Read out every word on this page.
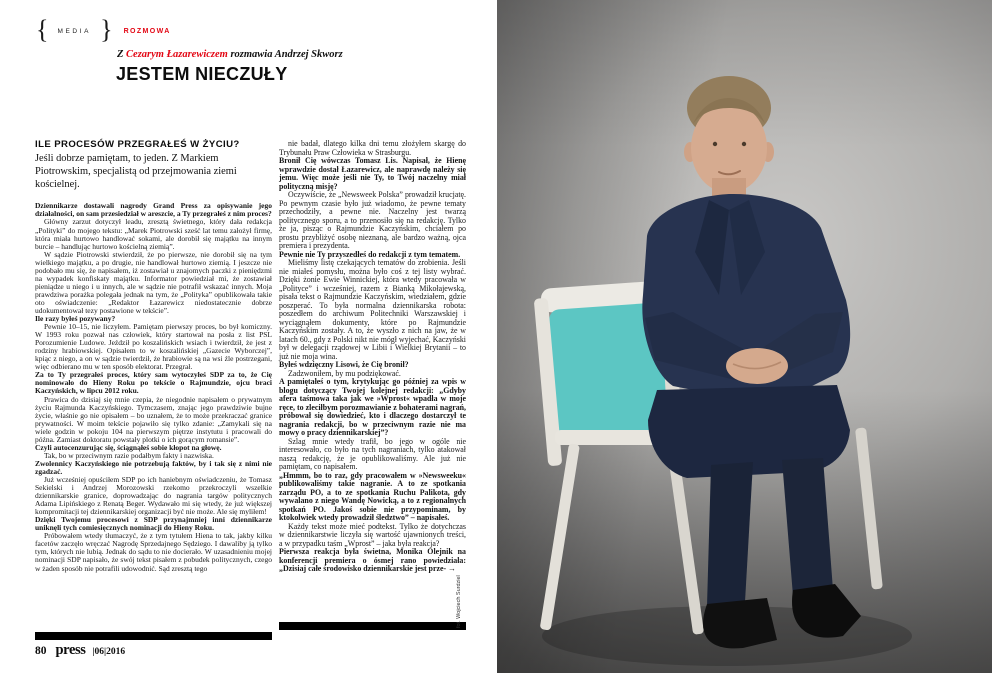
{ MEDIA } ROZMOWA
Z Cezarym Łazarewiczem rozmawia Andrzej Skworz
JESTEM NIECZUŁY
ILE PROCESÓW PRZEGRAŁEŚ W ŻYCIU?

Jeśli dobrze pamiętam, to jeden. Z Markiem Piotrowskim, specjalistą od przejmowania ziemi kościelnej.

Dziennikarze dostawali nagrody Grand Press za opisywanie jego działalności, on sam przesiedział w areszcie, a Ty przegrałeś z nim proces?

Główny zarzut dotyczył leadu, zresztą świetnego, który dała redakcja „Polityki” do mojego tekstu: „Marek Piotrowski sześć lat temu założył firmę, która miała hurtowo handlować sokami, ale dorobił się majątku na innym burcie – handlując hurtowo kościelną ziemią”.

W sądzie Piotrowski stwierdził, że po pierwsze, nie dorobił się na tym wielkiego majątku, a po drugie, nie handlował hurtowo ziemią. I jeszcze nie podobało mu się, że napisałem, iż zostawiał u znajomych paczki z pieniędzmi na wypadek konfiskaty majątku. Informator powiedział mi, że zostawiał pieniądze u niego i u innych, ale w sądzie nie potrafił wskazać innych. Moja prawdziwa porażka polegała jednak na tym, że „Polityka” opublikowała takie oto oświadczenie: „Redaktor Łazarewicz niedostatecznie dobrze udokumentował tezy postawione w tekście”.

Ile razy byłeś pozywany?

Pewnie 10–15, nie liczyłem. Pamiętam pierwszy proces, bo był komiczny. W 1993 roku pozwał nas człowiek, który startował na posła z list PSL Porozumienie Ludowe. Jeździł po koszalińskich wsiach i twierdził, że jest z rodziny hrabiowskiej. Opisałem to w koszalińskiej „Gazecie Wyborczej”, kpiąc z niego, a on w sądzie twierdził, że hrabiowie są na wsi źle postrzegani, więc odbierano mu w ten sposób elektorat. Przegrał.

Za to Ty przegrałeś proces, który sam wytoczyłeś SDP za to, że Cię nominowało do Hieny Roku po tekście o Rajmundzie, ojcu braci Kaczyńskich, w lipcu 2012 roku.

Prawica do dzisiaj się mnie czepia, że niegodnie napisałem o prywatnym życiu Rajmunda Kaczyńskiego. Tymczasem, znając jego prawdziwie bujne życie, właśnie go nie opisałem – bo uznałem, że to może przekraczać granice prywatności. W moim tekście pojawiło się tylko zdanie: „Zamykali się na wiele godzin w pokoju 104 na pierwszym piętrze instytutu i pracowali do późna. Zamiast doktoratu powstały plotki o ich gorącym romansie”.

Czyli autocenzurując się, ściągnąłeś sobie kłopot na głowę.

Tak, bo w przeciwnym razie podałbym fakty i nazwiska.

Zwolennicy Kaczyńskiego nie potrzebują faktów, by i tak się z nimi nie zgadzać.

Już wcześniej opuściłem SDP po ich haniebnym oświadczeniu, że Tomasz Sekielski i Andrzej Morozowski rzekomo przekroczyli wszelkie dziennikarskie granice, doprowadzając do nagrania targów politycznych Adama Lipińskiego z Renatą Beger. Wydawało mi się wtedy, że już większej kompromitacji tej dziennikarskiej organizacji być nie może. Ale się myliłem!

Dzięki Twojemu procesowi z SDP przynajmniej inni dziennikarze uniknęli tych comiesięcznych nominacji do Hieny Roku.

Próbowałem wtedy tłumaczyć, że z tym tytułem Hiena to tak, jakby kilku facetów zaczęło wręczać Nagrodę Sprzedajnego Sędziego. I dawaliby ją tylko tym, których nie lubią. Jednak do sądu to nie docierało. W uzasadnieniu mojej nominacji SDP napisało, że swój tekst pisałem z pobudek politycznych, czego w żaden sposób nie potrafili udowodnić. Sąd zresztą tego

nie badał, dlatego kilka dni temu złożyłem skargę do Trybunału Praw Człowieka w Strasburgu.

Bronił Cię wówczas Tomasz Lis. Napisał, że Hienę wprawdzie dostał Łazarewicz, ale naprawdę należy się jemu. Więc może jeśli nie Ty, to Twój naczelny miał polityczną misję?

Oczywiście, że „Newsweek Polska” prowadził krucjatę. Po pewnym czasie było już wiadomo, że pewne tematy przechodziły, a pewne nie. Naczelny jest twarzą politycznego sporu, a to przenosiło się na redakcję. Tylko że ja, pisząc o Rajmundzie Kaczyńskim, chciałem po prostu przybliżyć osobę nieznaną, ale bardzo ważną, ojca premiera i prezydenta.

Pewnie nie Ty przyszedłeś do redakcji z tym tematem.

Mieliśmy listę czekających tematów do zrobienia. Jeśli nie miałeś pomysłu, można było coś z tej listy wybrać. Dzięki żonie Ewie Winnickiej, która wtedy pracowała w „Polityce” i wcześniej, razem z Bianką Mikołajewską, pisała tekst o Rajmundzie Kaczyńskim, wiedziałem, gdzie poszperać. To była normalna dziennikarska robota: poszedłem do archiwum Politechniki Warszawskiej i wyciągnąłem dokumenty, które po Rajmundzie Kaczyńskim zostały. A to, że wyszło z nich na jaw, że w latach 60., gdy z Polski nikt nie mógł wyjechać, Kaczyński był w delegacji rządowej w Libii i Wielkiej Brytanii – to już nie moja wina.

Byłeś wdzięczny Lisowi, że Cię bronił?

Zadzwoniłem, by mu podziękować.

A pamiętałeś o tym, krytykując go później za wpis w blogu dotyczący Twojej kolejnej redakcji: „Gdyby afera taśmowa taka jak we »Wprost« wpadła w moje ręce, to zleciłbym porozmawianie z bohaterami nagrań, próbował się dowiedzieć, kto i dlaczego dostarczył te nagrania redakcji, bo w przeciwnym razie nie ma mowy o pracy dziennikarskiej”?

Szlag mnie wtedy trafił, bo jego w ogóle nie interesowało, co było na tych nagraniach, tylko atakował naszą redakcję, że je opublikowaliśmy. Ale już nie pamiętam, co napisałem.

„Hmmm, bo to raz, gdy pracowałem w »Newsweeku« publikowaliśmy takie nagranie. A to ze spotkania zarządu PO, a to ze spotkania Ruchu Palikota, gdy wywalano z niego Wandę Nowicką, a to z regionalnych spotkań PO. Jakoś sobie nie przypominam, by ktokolwiek wtedy prowadził śledztwo” – napisałeś.

Każdy tekst może mieć podtekst. Tylko że dotychczas w dziennikarstwie liczyła się wartość ujawnionych treści, a w przypadku taśm „Wprost” – jaka była reakcja?

Pierwsza reakcja była świetna, Monika Olejnik na konferencji premiera o ósmej rano powiedziała: „Dzisiaj całe środowisko dziennikarskie jest prze- →

80 press |06|2016
fot. Wojciech Surdziel
